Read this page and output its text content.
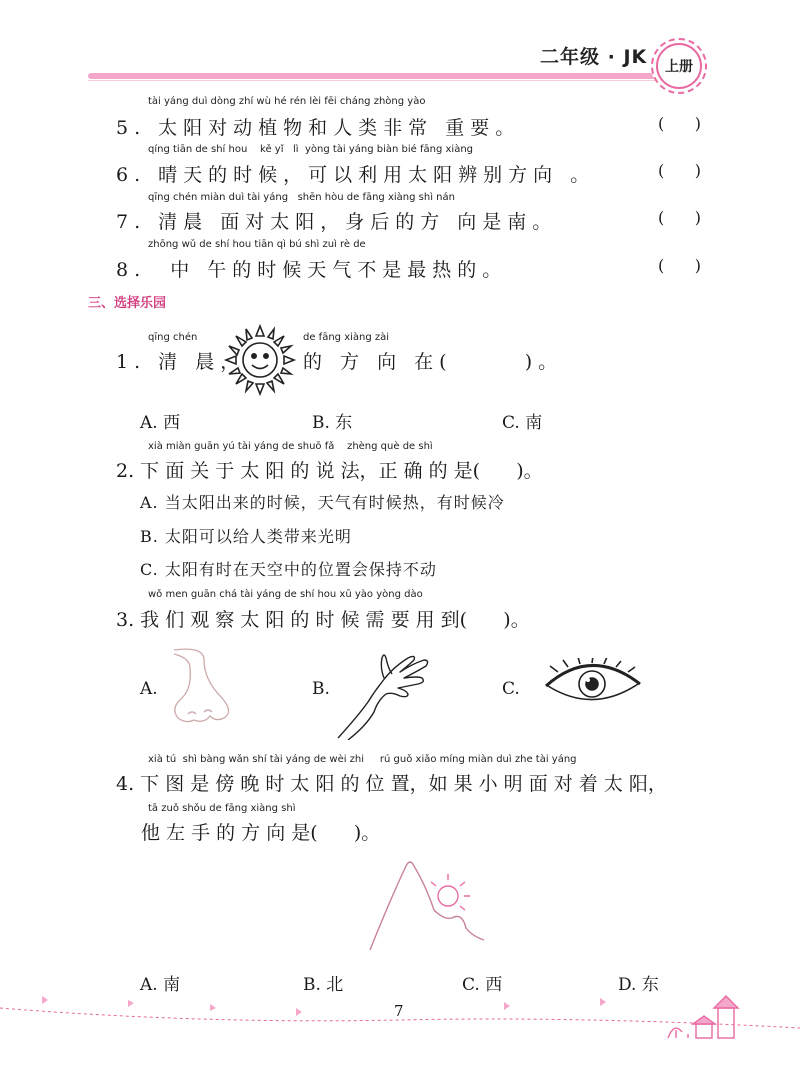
二年级 · JK	上册
tài yáng duì dòng zhí wù hé rén lèi fēi cháng zhòng yào
5. 太阳对动植物和人类非常 重要。	(      )
qíng tiān de shí hou    kě yǐ   lì  yòng tài yáng biàn bié fāng xiàng
6. 晴天的时候，可以利用太阳辨别方向 。	(      )
qīng chén miàn duì tài yáng   shēn hòu de fāng xiàng shì nán
7. 清晨 面对太阳，身后的方 向是南。	(      )
zhōng wǔ de shí hou tiān qì bú shì zuì rè de
8.  中 午的时候天气不是最热的。	(      )
三、选择乐园
qīng chén
1. 清 晨，
de fāng xiàng zài
的 方 向 在(      )。
A. 西	B. 东	C. 南
xià miàn guān yú tài yáng de shuō fǎ    zhèng què de shì
2. 下 面 关 于 太 阳 的 说 法，正 确 的 是(      )。
A. 当太阳出来的时候，天气有时候热，有时候冷
B. 太阳可以给人类带来光明
C. 太阳有时在天空中的位置会保持不动
wǒ men guān chá tài yáng de shí hou xū yào yòng dào
3. 我 们 观 察 太 阳 的 时 候 需 要 用 到(      )。
A.	B.	C.
xià tú  shì bàng wǎn shí tài yáng de wèi zhi     rú guǒ xiǎo míng miàn duì zhe tài yáng
4. 下 图 是 傍 晚 时 太 阳 的 位 置，如 果 小 明 面 对 着 太 阳，
tā zuǒ shǒu de fāng xiàng shì
他 左 手 的 方 向 是(      )。
A. 南	B. 北	C. 西	D. 东
7
